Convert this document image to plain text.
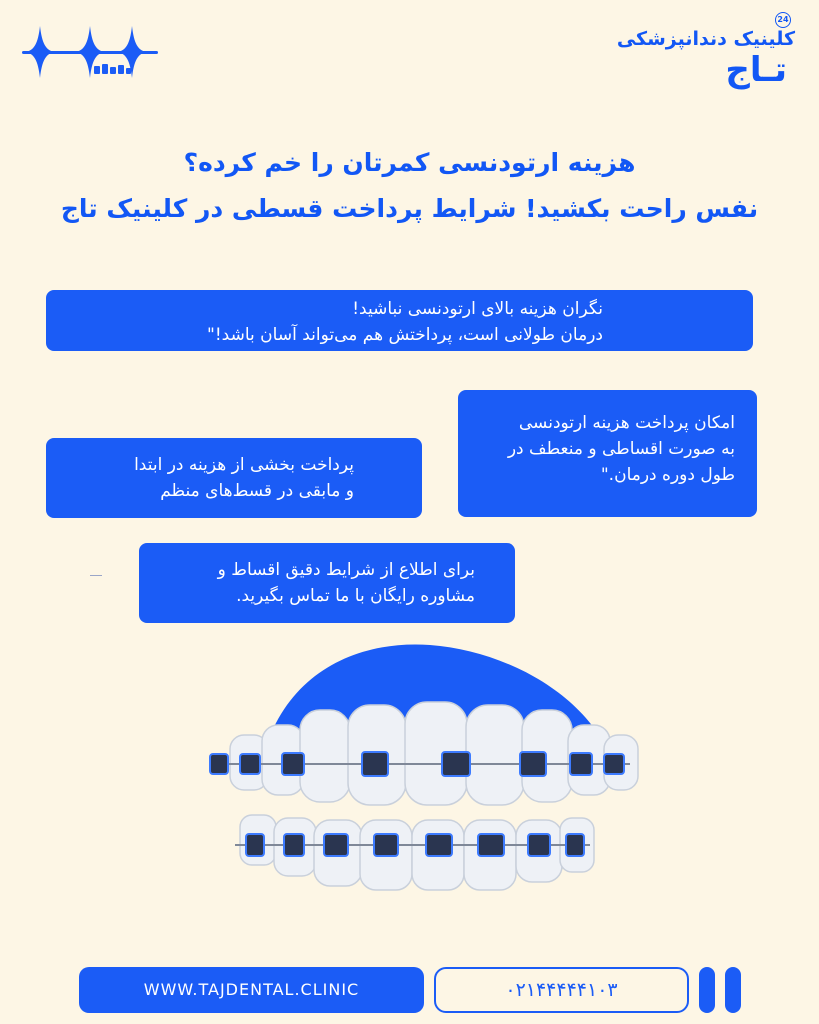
24
کلینیک دندانپزشکی
تـاج
هزینه ارتودنسی کمرتان را خم کرده؟
نفس راحت بکشید! شرایط پرداخت قسطی در کلینیک تاج

نگران هزینه بالای ارتودنسی نباشید!

درمان طولانی است، پرداختش هم می‌تواند آسان باشد!"

امکان پرداخت هزینه ارتودنسی

به صورت اقساطی و منعطف در

طول دوره درمان."

پرداخت بخشی از هزینه در ابتدا

و مابقی در قسط‌های منظم

برای اطلاع از شرایط دقیق اقساط و

مشاوره رایگان با ما تماس بگیرید.

WWW.TAJDENTAL.CLINIC	۰۲۱۴۴۴۴۴۱۰۳
